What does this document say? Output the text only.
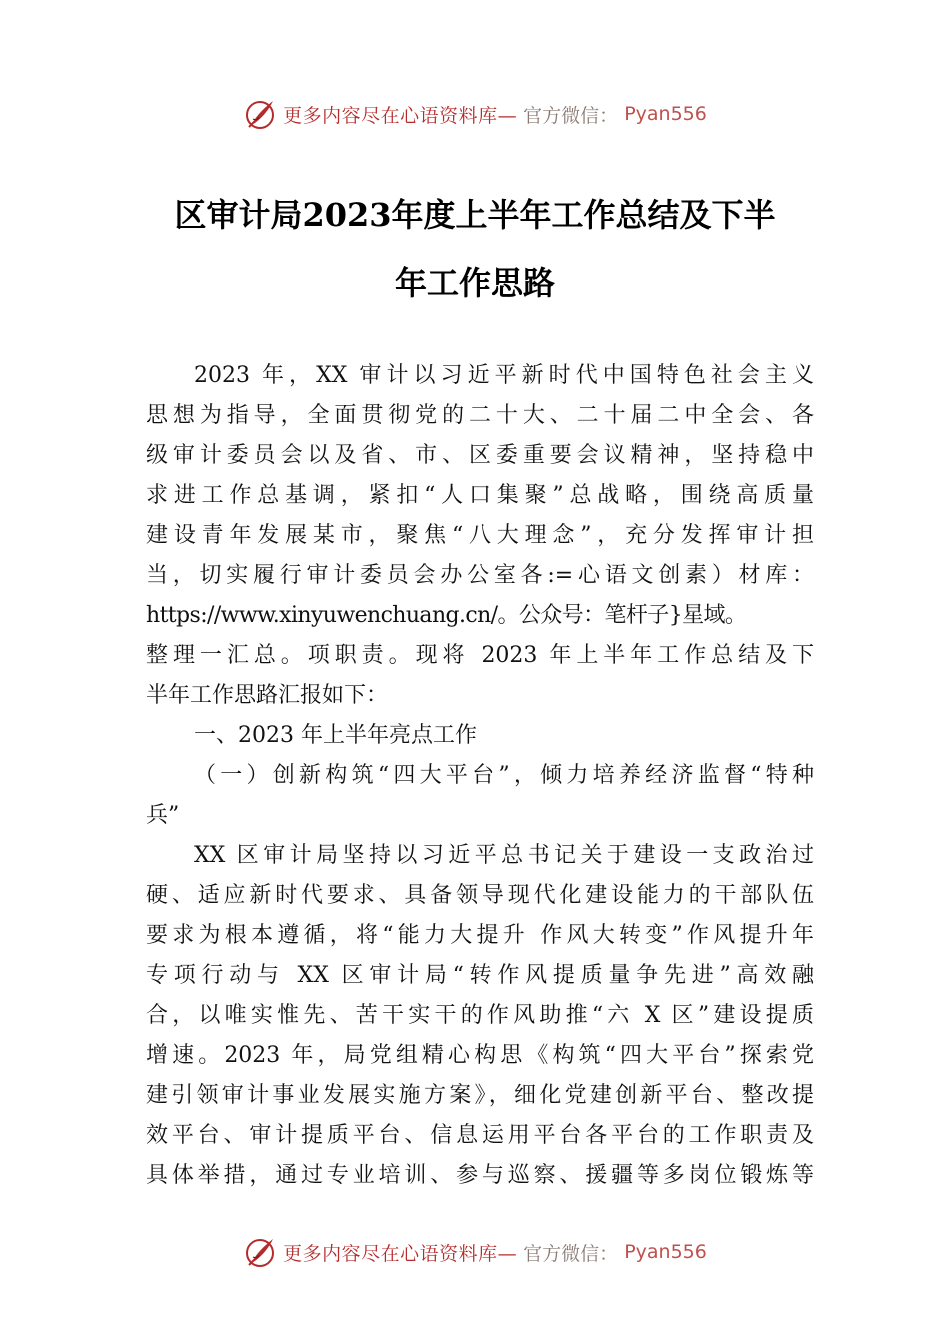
更多内容尽在心语资料库— 官方微信： Pyan556
区审计局2023年度上半年工作总结及下半
年工作思路
2023 年，XX 审计以习近平新时代中国特色社会主义
思想为指导，全面贯彻党的二十大、二十届二中全会、各
级审计委员会以及省、市、区委重要会议精神，坚持稳中
求进工作总基调，紧扣“人口集聚”总战略，围绕高质量
建设青年发展某市，聚焦“八大理念”，充分发挥审计担
当，切实履行审计委员会办公室各:=心语文创素）材库：
https://www.xinyuwenchuang.cn/。公众号：笔杆子}星域。
整理一汇总。项职责。现将 2023 年上半年工作总结及下
半年工作思路汇报如下：
一、2023 年上半年亮点工作
（一）创新构筑“四大平台”，倾力培养经济监督“特种
兵”
XX 区审计局坚持以习近平总书记关于建设一支政治过
硬、适应新时代要求、具备领导现代化建设能力的干部队伍
要求为根本遵循，将“能力大提升 作风大转变”作风提升年
专项行动与 XX 区审计局“转作风提质量争先进”高效融
合，以唯实惟先、苦干实干的作风助推“六 X 区”建设提质
增速。2023 年，局党组精心构思《构筑“四大平台”探索党
建引领审计事业发展实施方案》，细化党建创新平台、整改提
效平台、审计提质平台、信息运用平台各平台的工作职责及
具体举措，通过专业培训、参与巡察、援疆等多岗位锻炼等
更多内容尽在心语资料库— 官方微信： Pyan556
